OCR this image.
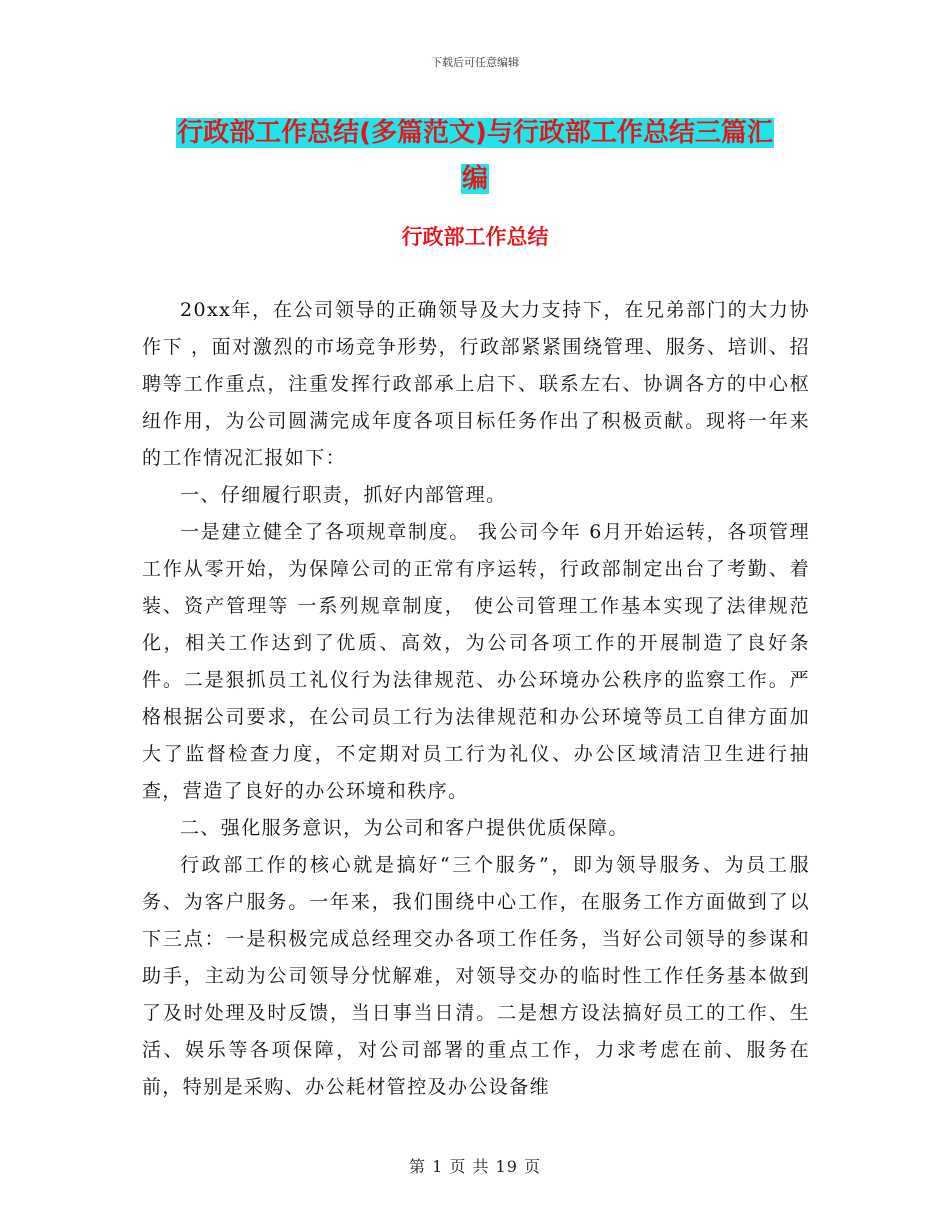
下载后可任意编辑
行政部工作总结(多篇范文)与行政部工作总结三篇汇
编
行政部工作总结

20xx年，在公司领导的正确领导及大力支持下，在兄弟部门的大力协作下 ，面对激烈的市场竞争形势，行政部紧紧围绕管理、服务、培训、招聘等工作重点，注重发挥行政部承上启下、联系左右、协调各方的中心枢纽作用，为公司圆满完成年度各项目标任务作出了积极贡献。现将一年来的工作情况汇报如下：

一、仔细履行职责，抓好内部管理。

一是建立健全了各项规章制度。 我公司今年 6月开始运转，各项管理工作从零开始，为保障公司的正常有序运转，行政部制定出台了考勤、着装、资产管理等 一系列规章制度， 使公司管理工作基本实现了法律规范化，相关工作达到了优质、高效，为公司各项工作的开展制造了良好条件。二是狠抓员工礼仪行为法律规范、办公环境办公秩序的监察工作。严格根据公司要求，在公司员工行为法律规范和办公环境等员工自律方面加大了监督检查力度，不定期对员工行为礼仪、办公区域清洁卫生进行抽查，营造了良好的办公环境和秩序。

二、强化服务意识，为公司和客户提供优质保障。

行政部工作的核心就是搞好“三个服务”，即为领导服务、为员工服务、为客户服务。一年来，我们围绕中心工作，在服务工作方面做到了以下三点：一是积极完成总经理交办各项工作任务，当好公司领导的参谋和助手，主动为公司领导分忧解难，对领导交办的临时性工作任务基本做到了及时处理及时反馈，当日事当日清。二是想方设法搞好员工的工作、生活、娱乐等各项保障，对公司部署的重点工作，力求考虑在前、服务在前，特别是采购、办公耗材管控及办公设备维

第 1 页 共 19 页
